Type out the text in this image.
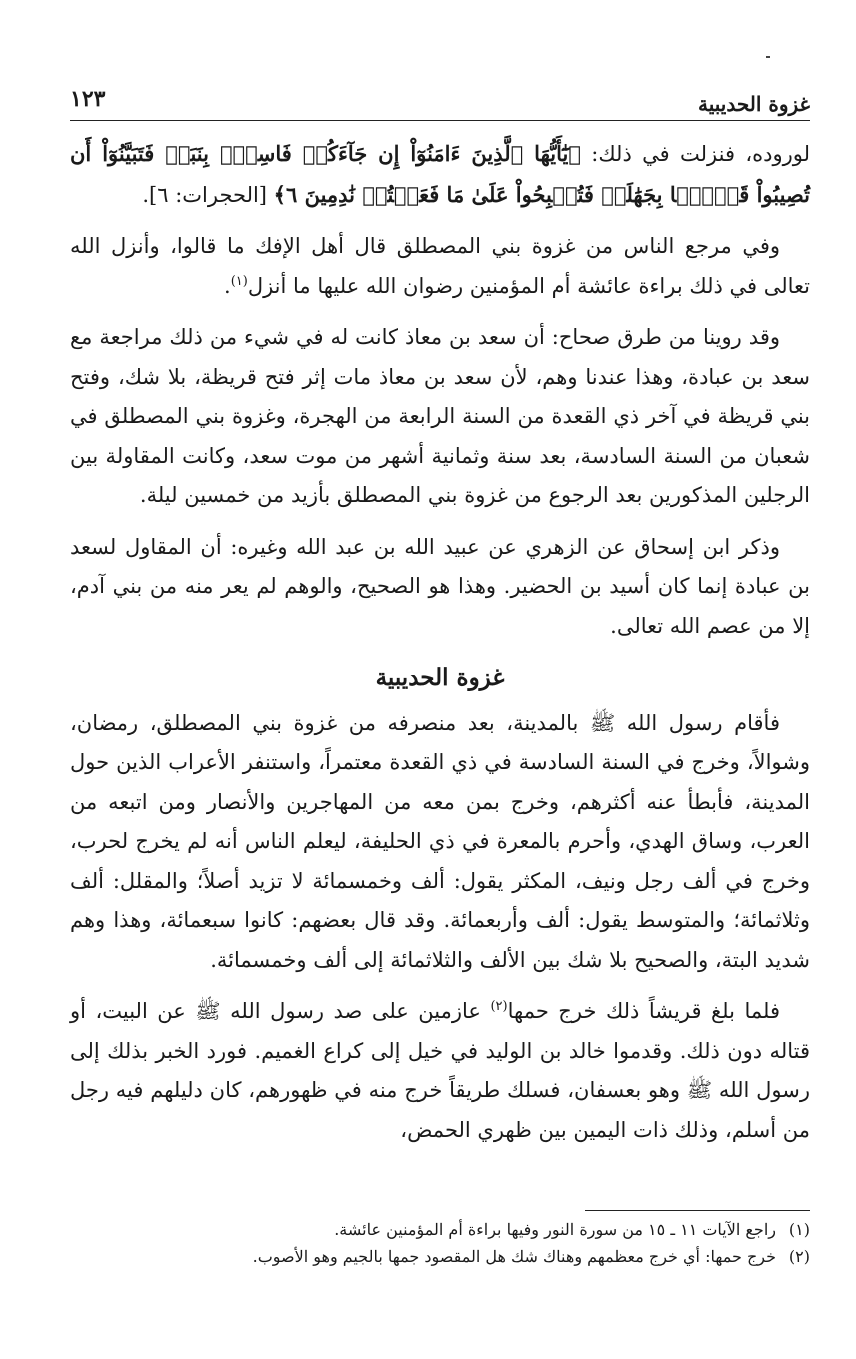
غزوة الحديبية
١٢٣

لوروده، فنزلت في ذلك: ﴿يَٰٓأَيُّهَا ٱلَّذِينَ ءَامَنُوٓاْ إِن جَآءَكُمۡ فَاسِقُۢ بِنَبَإٖ فَتَبَيَّنُوٓاْ أَن تُصِيبُواْ قَوۡمَۢا بِجَهَٰلَةٖ فَتُصۡبِحُواْ عَلَىٰ مَا فَعَلۡتُمۡ نَٰدِمِينَ ٦﴾ [الحجرات: ٦].

وفي مرجع الناس من غزوة بني المصطلق قال أهل الإفك ما قالوا، وأنزل الله تعالى في ذلك براءة عائشة أم المؤمنين رضوان الله عليها ما أنزل$^{(١)}$.

وقد روينا من طرق صحاح: أن سعد بن معاذ كانت له في شيء من ذلك مراجعة مع سعد بن عبادة، وهذا عندنا وهم، لأن سعد بن معاذ مات إثر فتح قريظة، بلا شك، وفتح بني قريظة في آخر ذي القعدة من السنة الرابعة من الهجرة، وغزوة بني المصطلق في شعبان من السنة السادسة، بعد سنة وثمانية أشهر من موت سعد، وكانت المقاولة بين الرجلين المذكورين بعد الرجوع من غزوة بني المصطلق بأزيد من خمسين ليلة.

وذكر ابن إسحاق عن الزهري عن عبيد الله بن عبد الله وغيره: أن المقاول لسعد بن عبادة إنما كان أسيد بن الحضير. وهذا هو الصحيح، والوهم لم يعر منه من بني آدم، إلا من عصم الله تعالى.

غزوة الحديبية

فأقام رسول الله ﷺ بالمدينة، بعد منصرفه من غزوة بني المصطلق، رمضان، وشوالاً، وخرج في السنة السادسة في ذي القعدة معتمراً، واستنفر الأعراب الذين حول المدينة، فأبطأ عنه أكثرهم، وخرج بمن معه من المهاجرين والأنصار ومن اتبعه من العرب، وساق الهدي، وأحرم بالمعرة في ذي الحليفة، ليعلم الناس أنه لم يخرج لحرب، وخرج في ألف رجل ونيف، المكثر يقول: ألف وخمسمائة لا تزيد أصلاً؛ والمقلل: ألف وثلاثمائة؛ والمتوسط يقول: ألف وأربعمائة. وقد قال بعضهم: كانوا سبعمائة، وهذا وهم شديد البتة، والصحيح بلا شك بين الألف والثلاثمائة إلى ألف وخمسمائة.

فلما بلغ قريشاً ذلك خرج حمها$^{(٢)}$ عازمين على صد رسول الله ﷺ عن البيت، أو قتاله دون ذلك. وقدموا خالد بن الوليد في خيل إلى كراع الغميم. فورد الخبر بذلك إلى رسول الله ﷺ وهو بعسفان، فسلك طريقاً خرج منه في ظهورهم، كان دليلهم فيه رجل من أسلم، وذلك ذات اليمين بين ظهري الحمض،

(١)راجع الآيات ١١ ـ ١٥ من سورة النور وفيها براءة أم المؤمنين عائشة.

(٢)خرج حمها: أي خرج معظمهم وهناك شك هل المقصود جمها بالجيم وهو الأصوب.
